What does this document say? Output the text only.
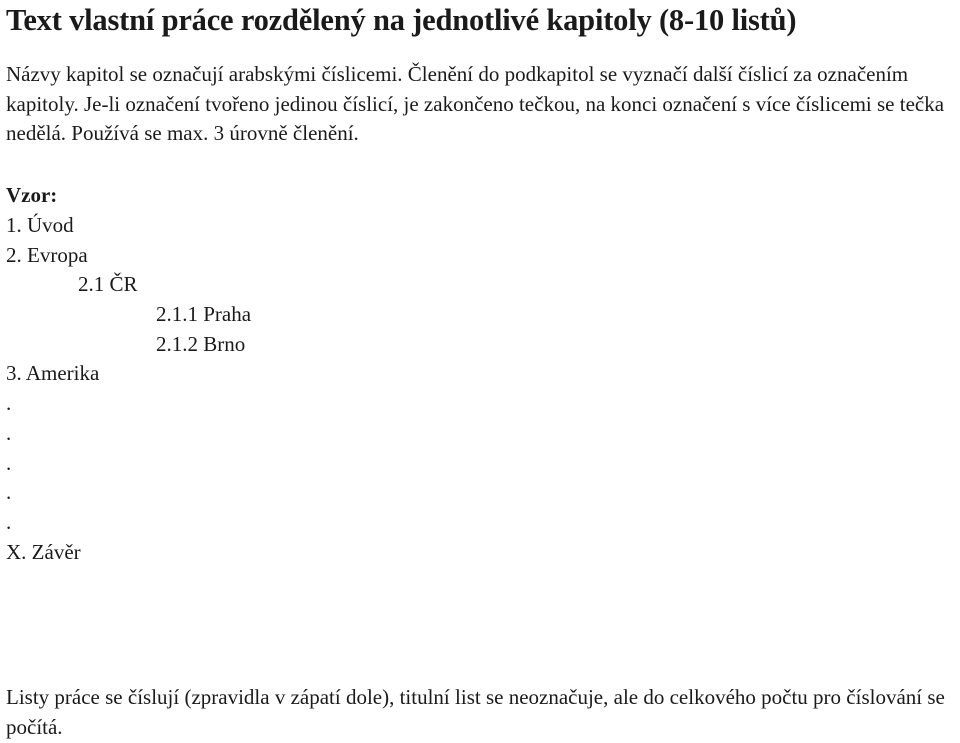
Text vlastní práce rozdělený na jednotlivé kapitoly (8-10 listů)
Názvy kapitol se označují arabskými číslicemi. Členění do podkapitol se vyznačí další číslicí za označením kapitoly. Je-li označení tvořeno jedinou číslicí, je zakončeno tečkou, na konci označení s více číslicemi se tečka nedělá. Používá se max. 3 úrovně členění.
Vzor:
1. Úvod
2. Evropa
2.1 ČR
2.1.1 Praha
2.1.2 Brno
3. Amerika
.
.
.
.
.
X. Závěr
Listy práce se číslují (zpravidla v zápatí dole), titulní list se neoznačuje, ale do celkového počtu pro číslování se počítá.
